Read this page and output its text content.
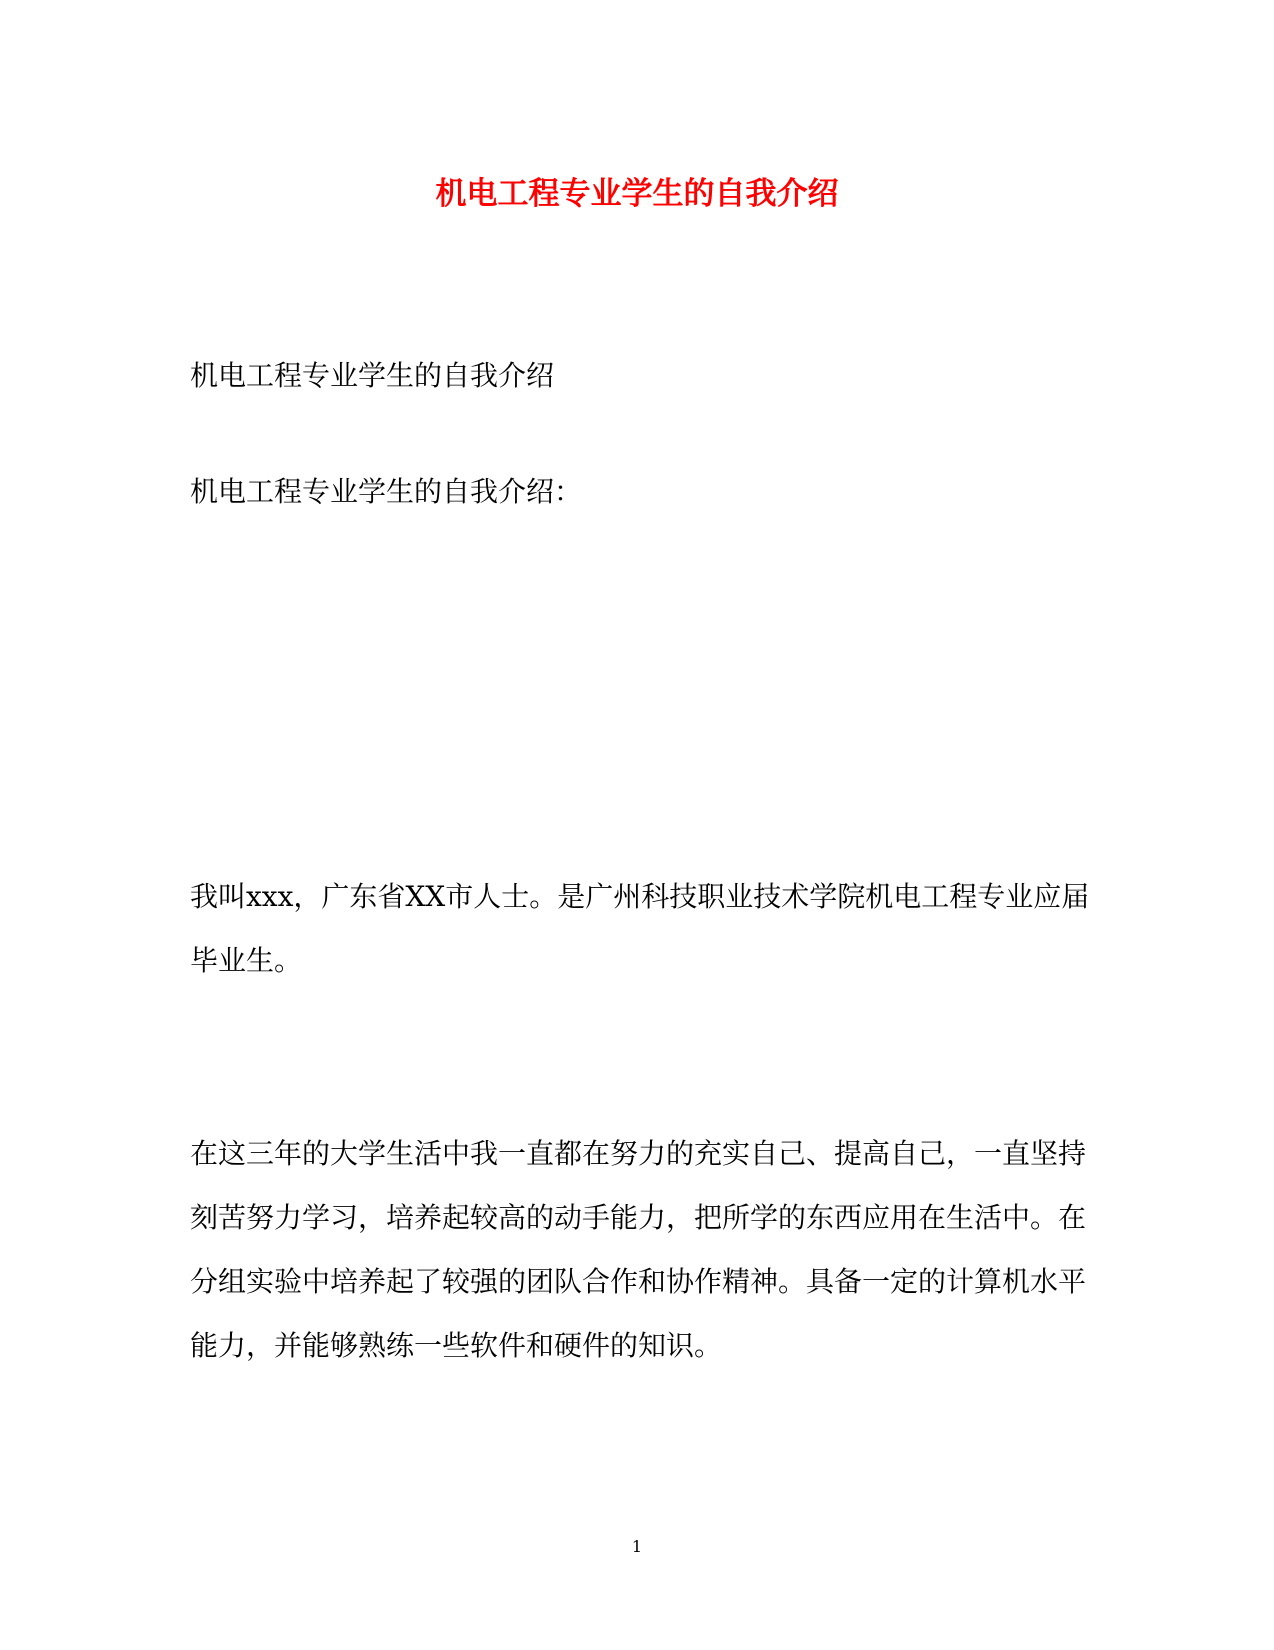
机电工程专业学生的自我介绍

机电工程专业学生的自我介绍

机电工程专业学生的自我介绍：

我叫xxx，广东省XX市人士。是广州科技职业技术学院机电工程专业应届毕业生。

在这三年的大学生活中我一直都在努力的充实自己、提高自己，一直坚持刻苦努力学习，培养起较高的动手能力，把所学的东西应用在生活中。在分组实验中培养起了较强的团队合作和协作精神。具备一定的计算机水平能力，并能够熟练一些软件和硬件的知识。

1
